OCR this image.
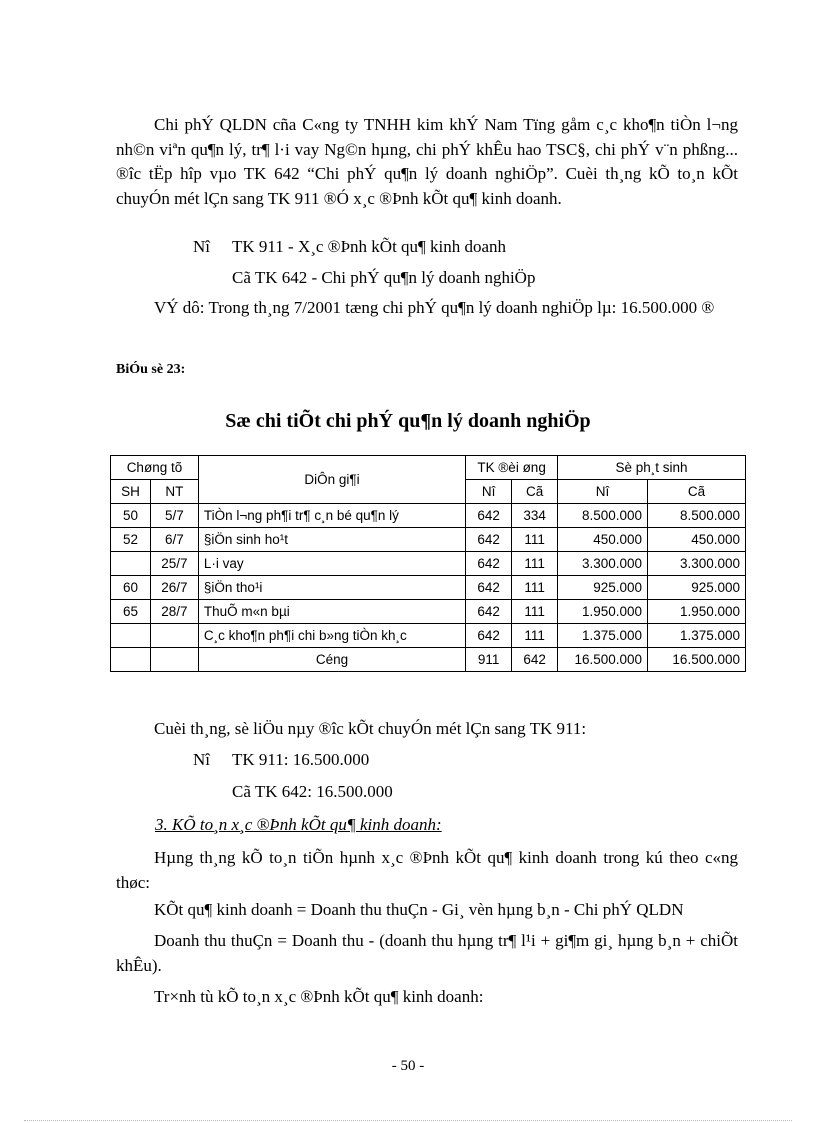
Chi phÝ QLDN cña C«ng ty TNHH kim khÝ Nam Tïng gåm c¸c kho¶n tiÒn l¬ng nh©n viªn qu¶n lý, tr¶ l·i vay Ng©n hµng, chi phÝ khÊu hao TSC§, chi phÝ v¨n phßng... ®îc tËp hîp vµo TK 642 “Chi phÝ qu¶n lý doanh nghiÖp”. Cuèi th¸ng kÕ to¸n kÕt chuyÓn mét lÇn sang TK 911 ®Ó x¸c ®Þnh kÕt qu¶ kinh doanh.

Nî TK 911 - X¸c ®Þnh kÕt qu¶ kinh doanh
Cã TK 642 - Chi phÝ qu¶n lý doanh nghiÖp

VÝ dô: Trong th¸ng 7/2001 tæng chi phÝ qu¶n lý doanh nghiÖp lµ: 16.500.000 ®

BiÓu sè 23:
Sæ chi tiÕt chi phÝ qu¶n lý doanh nghiÖp
Chøng tõ		DiÔn gi¶i	TK ®èi øng		Sè ph¸t sinh	
SH	NT		Nî	Cã	Nî	Cã
50	5/7	TiÒn l¬ng ph¶i tr¶ c¸n bé qu¶n lý	642	334	8.500.000	8.500.000
52	6/7	§iÖn sinh ho¹t	642	111	450.000	450.000
	25/7	L·i vay	642	111	3.300.000	3.300.000
60	26/7	§iÖn tho¹i	642	111	925.000	925.000
65	28/7	ThuÕ m«n bµi	642	111	1.950.000	1.950.000
		C¸c kho¶n ph¶i chi b»ng tiÒn kh¸c	642	111	1.375.000	1.375.000
		Céng	911	642	16.500.000	16.500.000

Cuèi th¸ng, sè liÖu nµy ®îc kÕt chuyÓn mét lÇn sang TK 911:

Nî TK 911: 16.500.000
Cã TK 642: 16.500.000
3. KÕ to¸n x¸c ®Þnh kÕt qu¶ kinh doanh:

Hµng th¸ng kÕ to¸n tiÕn hµnh x¸c ®Þnh kÕt qu¶ kinh doanh trong kú theo c«ng thøc:

KÕt qu¶ kinh doanh = Doanh thu thuÇn - Gi¸ vèn hµng b¸n - Chi phÝ QLDN

Doanh thu thuÇn = Doanh thu - (doanh thu hµng tr¶ l¹i + gi¶m gi¸ hµng b¸n + chiÕt khÊu).

Tr×nh tù kÕ to¸n x¸c ®Þnh kÕt qu¶ kinh doanh:

- 50 -
